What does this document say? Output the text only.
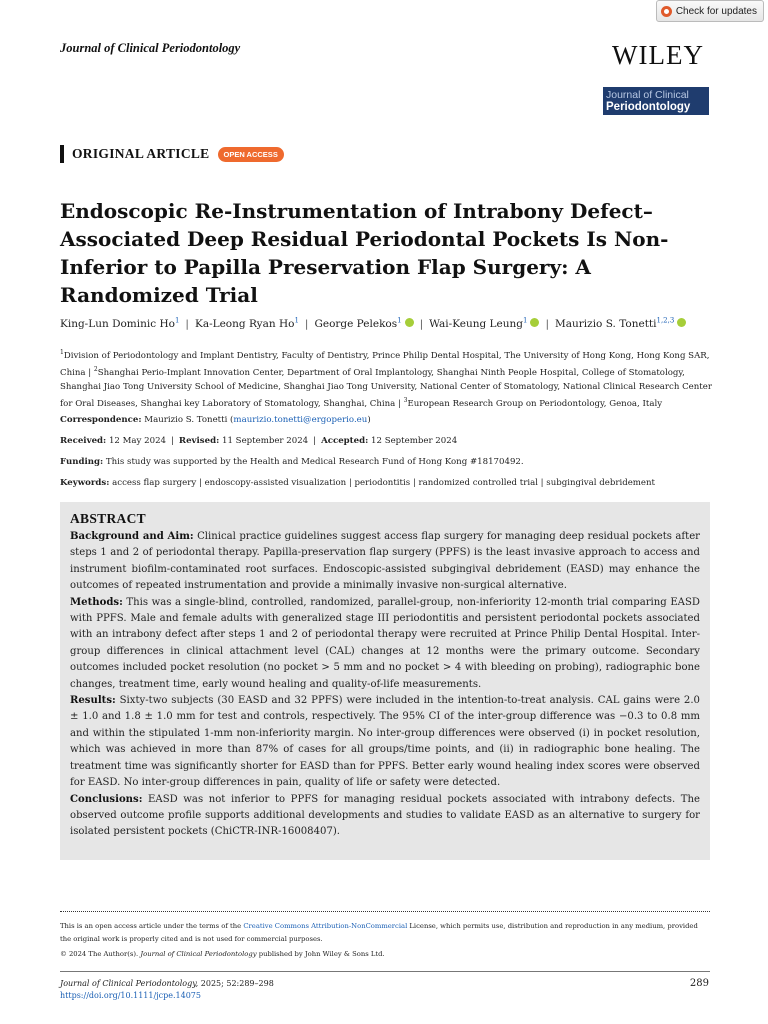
Check for updates
Journal of Clinical Periodontology	WILEY
Journal of Clinical
Periodontology
ORIGINAL ARTICLE	OPEN ACCESS
Endoscopic Re-Instrumentation of Intrabony Defect–Associated Deep Residual Periodontal Pockets Is Non-Inferior to Papilla Preservation Flap Surgery: A Randomized Trial
King-Lun Dominic Ho$^1$ | Ka-Leong Ryan Ho$^1$ | George Pelekos$^1$ | Wai-Keung Leung$^1$ | Maurizio S. Tonetti$^{1,2,3}$
$^1$Division of Periodontology and Implant Dentistry, Faculty of Dentistry, Prince Philip Dental Hospital, The University of Hong Kong, Hong Kong SAR, China | $^2$Shanghai Perio-Implant Innovation Center, Department of Oral Implantology, Shanghai Ninth People Hospital, College of Stomatology, Shanghai Jiao Tong University School of Medicine, Shanghai Jiao Tong University, National Center of Stomatology, National Clinical Research Center for Oral Diseases, Shanghai key Laboratory of Stomatology, Shanghai, China | $^3$European Research Group on Periodontology, Genoa, Italy
Correspondence: Maurizio S. Tonetti (maurizio.tonetti@ergoperio.eu)
Received: 12 May 2024 | Revised: 11 September 2024 | Accepted: 12 September 2024
Funding: This study was supported by the Health and Medical Research Fund of Hong Kong #18170492.
Keywords: access flap surgery | endoscopy-assisted visualization | periodontitis | randomized controlled trial | subgingival debridement
ABSTRACT

Background and Aim: Clinical practice guidelines suggest access flap surgery for managing deep residual pockets after steps 1 and 2 of periodontal therapy. Papilla-preservation flap surgery (PPFS) is the least invasive approach to access and instrument biofilm-contaminated root surfaces. Endoscopic-assisted subgingival debridement (EASD) may enhance the outcomes of repeated instrumentation and provide a minimally invasive non-surgical alternative.

Methods: This was a single-blind, controlled, randomized, parallel-group, non-inferiority 12-month trial comparing EASD with PPFS. Male and female adults with generalized stage III periodontitis and persistent periodontal pockets associated with an intrabony defect after steps 1 and 2 of periodontal therapy were recruited at Prince Philip Dental Hospital. Inter-group differences in clinical attachment level (CAL) changes at 12 months were the primary outcome. Secondary outcomes included pocket resolution (no pocket > 5 mm and no pocket > 4 with bleeding on probing), radiographic bone changes, treatment time, early wound healing and quality-of-life measurements.

Results: Sixty-two subjects (30 EASD and 32 PPFS) were included in the intention-to-treat analysis. CAL gains were 2.0 ± 1.0 and 1.8 ± 1.0 mm for test and controls, respectively. The 95% CI of the inter-group difference was −0.3 to 0.8 mm and within the stipulated 1-mm non-inferiority margin. No inter-group differences were observed (i) in pocket resolution, which was achieved in more than 87% of cases for all groups/time points, and (ii) in radiographic bone healing. The treatment time was significantly shorter for EASD than for PPFS. Better early wound healing index scores were observed for EASD. No inter-group differences in pain, quality of life or safety were detected.

Conclusions: EASD was not inferior to PPFS for managing residual pockets associated with intrabony defects. The observed outcome profile supports additional developments and studies to validate EASD as an alternative to surgery for isolated persistent pockets (ChiCTR-INR-16008407).

This is an open access article under the terms of the Creative Commons Attribution-NonCommercial License, which permits use, distribution and reproduction in any medium, provided the original work is properly cited and is not used for commercial purposes.
© 2024 The Author(s). Journal of Clinical Periodontology published by John Wiley & Sons Ltd.
Journal of Clinical Periodontology, 2025; 52:289–298
https://doi.org/10.1111/jcpe.14075
289
